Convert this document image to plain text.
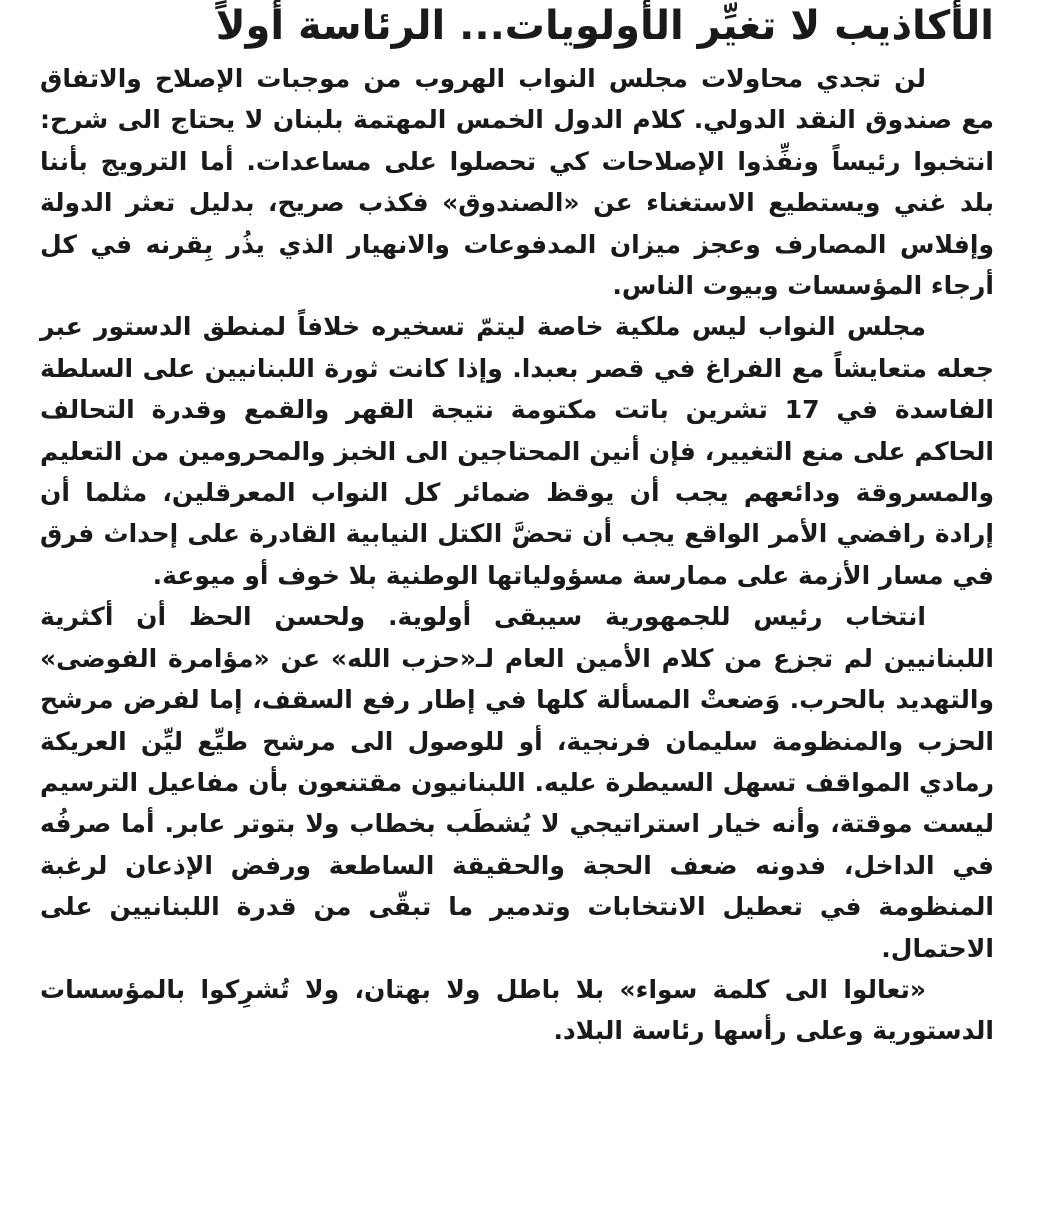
الأكاذيب لا تغيِّر الأولويات... الرئاسة أولاً

لن تجدي محاولات مجلس النواب الهروب من موجبات الإصلاح والاتفاق مع صندوق النقد الدولي. كلام الدول الخمس المهتمة بلبنان لا يحتاج الى شرح: انتخبوا رئيساً ونفِّذوا الإصلاحات كي تحصلوا على مساعدات. أما الترويج بأننا بلد غني ويستطيع الاستغناء عن «الصندوق» فكذب صريح، بدليل تعثر الدولة وإفلاس المصارف وعجز ميزان المدفوعات والانهيار الذي يذُر بِقرنه في كل أرجاء المؤسسات وبيوت الناس.

مجلس النواب ليس ملكية خاصة ليتمّ تسخيره خلافاً لمنطق الدستور عبر جعله متعايشاً مع الفراغ في قصر بعبدا. وإذا كانت ثورة اللبنانيين على السلطة الفاسدة في 17 تشرين باتت مكتومة نتيجة القهر والقمع وقدرة التحالف الحاكم على منع التغيير، فإن أنين المحتاجين الى الخبز والمحرومين من التعليم والمسروقة ودائعهم يجب أن يوقظ ضمائر كل النواب المعرقلين، مثلما أن إرادة رافضي الأمر الواقع يجب أن تحضَّ الكتل النيابية القادرة على إحداث فرق في مسار الأزمة على ممارسة مسؤولياتها الوطنية بلا خوف أو ميوعة.

انتخاب رئيس للجمهورية سيبقى أولوية. ولحسن الحظ أن أكثرية اللبنانيين لم تجزع من كلام الأمين العام لـ«حزب الله» عن «مؤامرة الفوضى» والتهديد بالحرب. وَضعتْ المسألة كلها في إطار رفع السقف، إما لفرض مرشح الحزب والمنظومة سليمان فرنجية، أو للوصول الى مرشح طيِّع ليِّن العريكة رمادي المواقف تسهل السيطرة عليه. اللبنانيون مقتنعون بأن مفاعيل الترسيم ليست موقتة، وأنه خيار استراتيجي لا يُشطَب بخطاب ولا بتوتر عابر. أما صرفُه في الداخل، فدونه ضعف الحجة والحقيقة الساطعة ورفض الإذعان لرغبة المنظومة في تعطيل الانتخابات وتدمير ما تبقّى من قدرة اللبنانيين على الاحتمال.

«تعالوا الى كلمة سواء» بلا باطل ولا بهتان، ولا تُشرِكوا بالمؤسسات الدستورية وعلى رأسها رئاسة البلاد.
